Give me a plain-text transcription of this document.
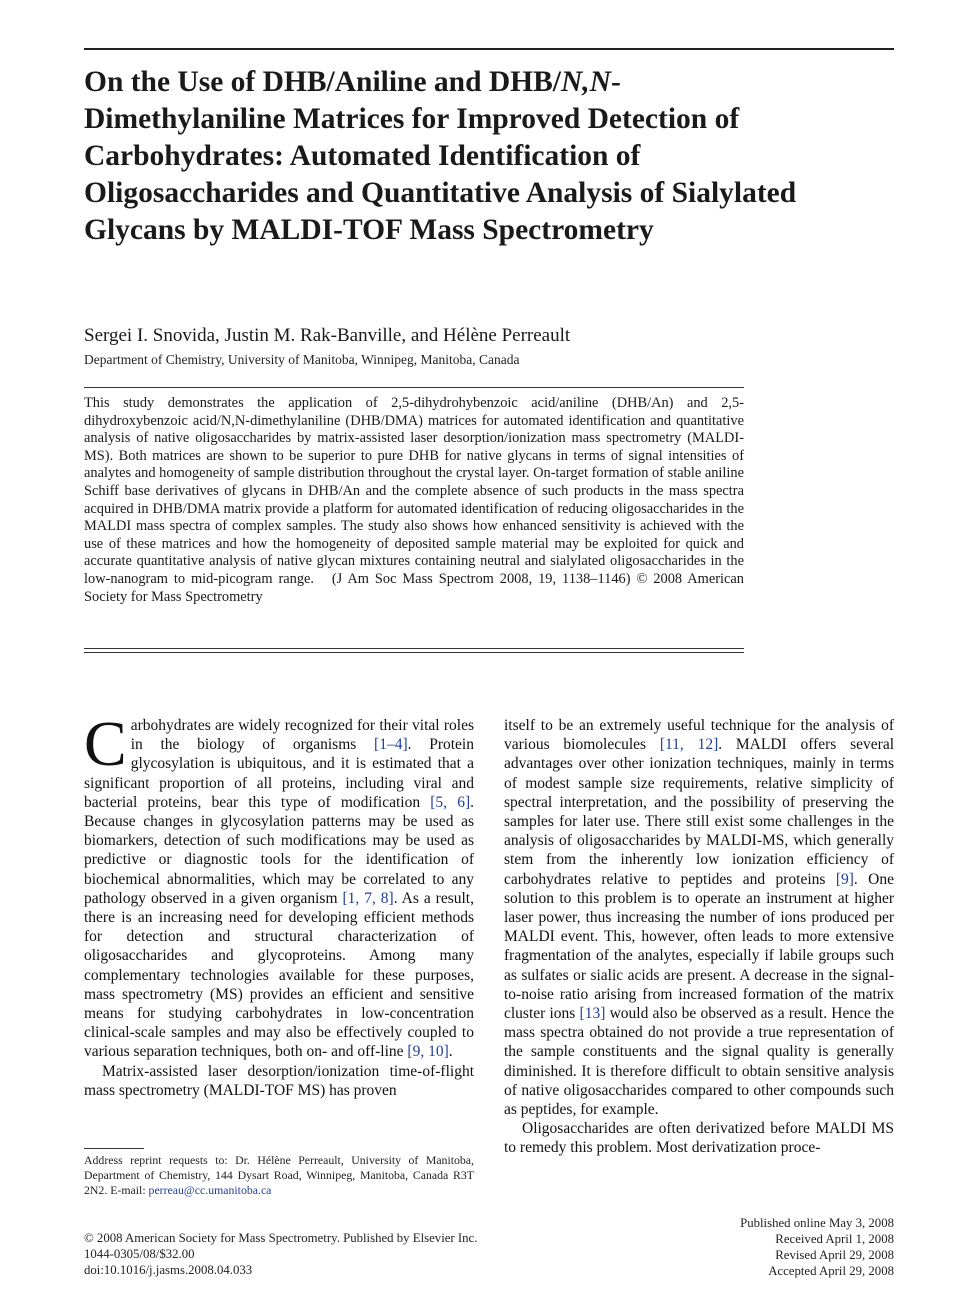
On the Use of DHB/Aniline and DHB/N,N-Dimethylaniline Matrices for Improved Detection of Carbohydrates: Automated Identification of Oligosaccharides and Quantitative Analysis of Sialylated Glycans by MALDI-TOF Mass Spectrometry
Sergei I. Snovida, Justin M. Rak-Banville, and Hélène Perreault
Department of Chemistry, University of Manitoba, Winnipeg, Manitoba, Canada

This study demonstrates the application of 2,5-dihydrohybenzoic acid/aniline (DHB/An) and 2,5-dihydroxybenzoic acid/N,N-dimethylaniline (DHB/DMA) matrices for automated identification and quantitative analysis of native oligosaccharides by matrix-assisted laser desorption/ionization mass spectrometry (MALDI-MS). Both matrices are shown to be superior to pure DHB for native glycans in terms of signal intensities of analytes and homogeneity of sample distribution throughout the crystal layer. On-target formation of stable aniline Schiff base derivatives of glycans in DHB/An and the complete absence of such products in the mass spectra acquired in DHB/DMA matrix provide a platform for automated identification of reducing oligosaccharides in the MALDI mass spectra of complex samples. The study also shows how enhanced sensitivity is achieved with the use of these matrices and how the homogeneity of deposited sample material may be exploited for quick and accurate quantitative analysis of native glycan mixtures containing neutral and sialylated oligosaccharides in the low-nanogram to mid-picogram range. (J Am Soc Mass Spectrom 2008, 19, 1138–1146) © 2008 American Society for Mass Spectrometry

Carbohydrates are widely recognized for their vital roles in the biology of organisms [1–4]. Protein glycosylation is ubiquitous, and it is estimated that a significant proportion of all proteins, including viral and bacterial proteins, bear this type of modification [5, 6]. Because changes in glycosylation patterns may be used as biomarkers, detection of such modifications may be used as predictive or diagnostic tools for the identification of biochemical abnormalities, which may be correlated to any pathology observed in a given organism [1, 7, 8]. As a result, there is an increasing need for developing efficient methods for detection and structural characterization of oligosaccharides and glycoproteins. Among many complementary technologies available for these purposes, mass spectrometry (MS) provides an efficient and sensitive means for studying carbohydrates in low-concentration clinical-scale samples and may also be effectively coupled to various separation techniques, both on- and off-line [9, 10].

Matrix-assisted laser desorption/ionization time-of-flight mass spectrometry (MALDI-TOF MS) has proven

itself to be an extremely useful technique for the analysis of various biomolecules [11, 12]. MALDI offers several advantages over other ionization techniques, mainly in terms of modest sample size requirements, relative simplicity of spectral interpretation, and the possibility of preserving the samples for later use. There still exist some challenges in the analysis of oligosaccharides by MALDI-MS, which generally stem from the inherently low ionization efficiency of carbohydrates relative to peptides and proteins [9]. One solution to this problem is to operate an instrument at higher laser power, thus increasing the number of ions produced per MALDI event. This, however, often leads to more extensive fragmentation of the analytes, especially if labile groups such as sulfates or sialic acids are present. A decrease in the signal-to-noise ratio arising from increased formation of the matrix cluster ions [13] would also be observed as a result. Hence the mass spectra obtained do not provide a true representation of the sample constituents and the signal quality is generally diminished. It is therefore difficult to obtain sensitive analysis of native oligosaccharides compared to other compounds such as peptides, for example.

Oligosaccharides are often derivatized before MALDI MS to remedy this problem. Most derivatization proce-

Address reprint requests to: Dr. Hélène Perreault, University of Manitoba, Department of Chemistry, 144 Dysart Road, Winnipeg, Manitoba, Canada R3T 2N2. E-mail: perreau@cc.umanitoba.ca
© 2008 American Society for Mass Spectrometry. Published by Elsevier Inc.
1044-0305/08/$32.00
doi:10.1016/j.jasms.2008.04.033
Published online May 3, 2008
Received April 1, 2008
Revised April 29, 2008
Accepted April 29, 2008
